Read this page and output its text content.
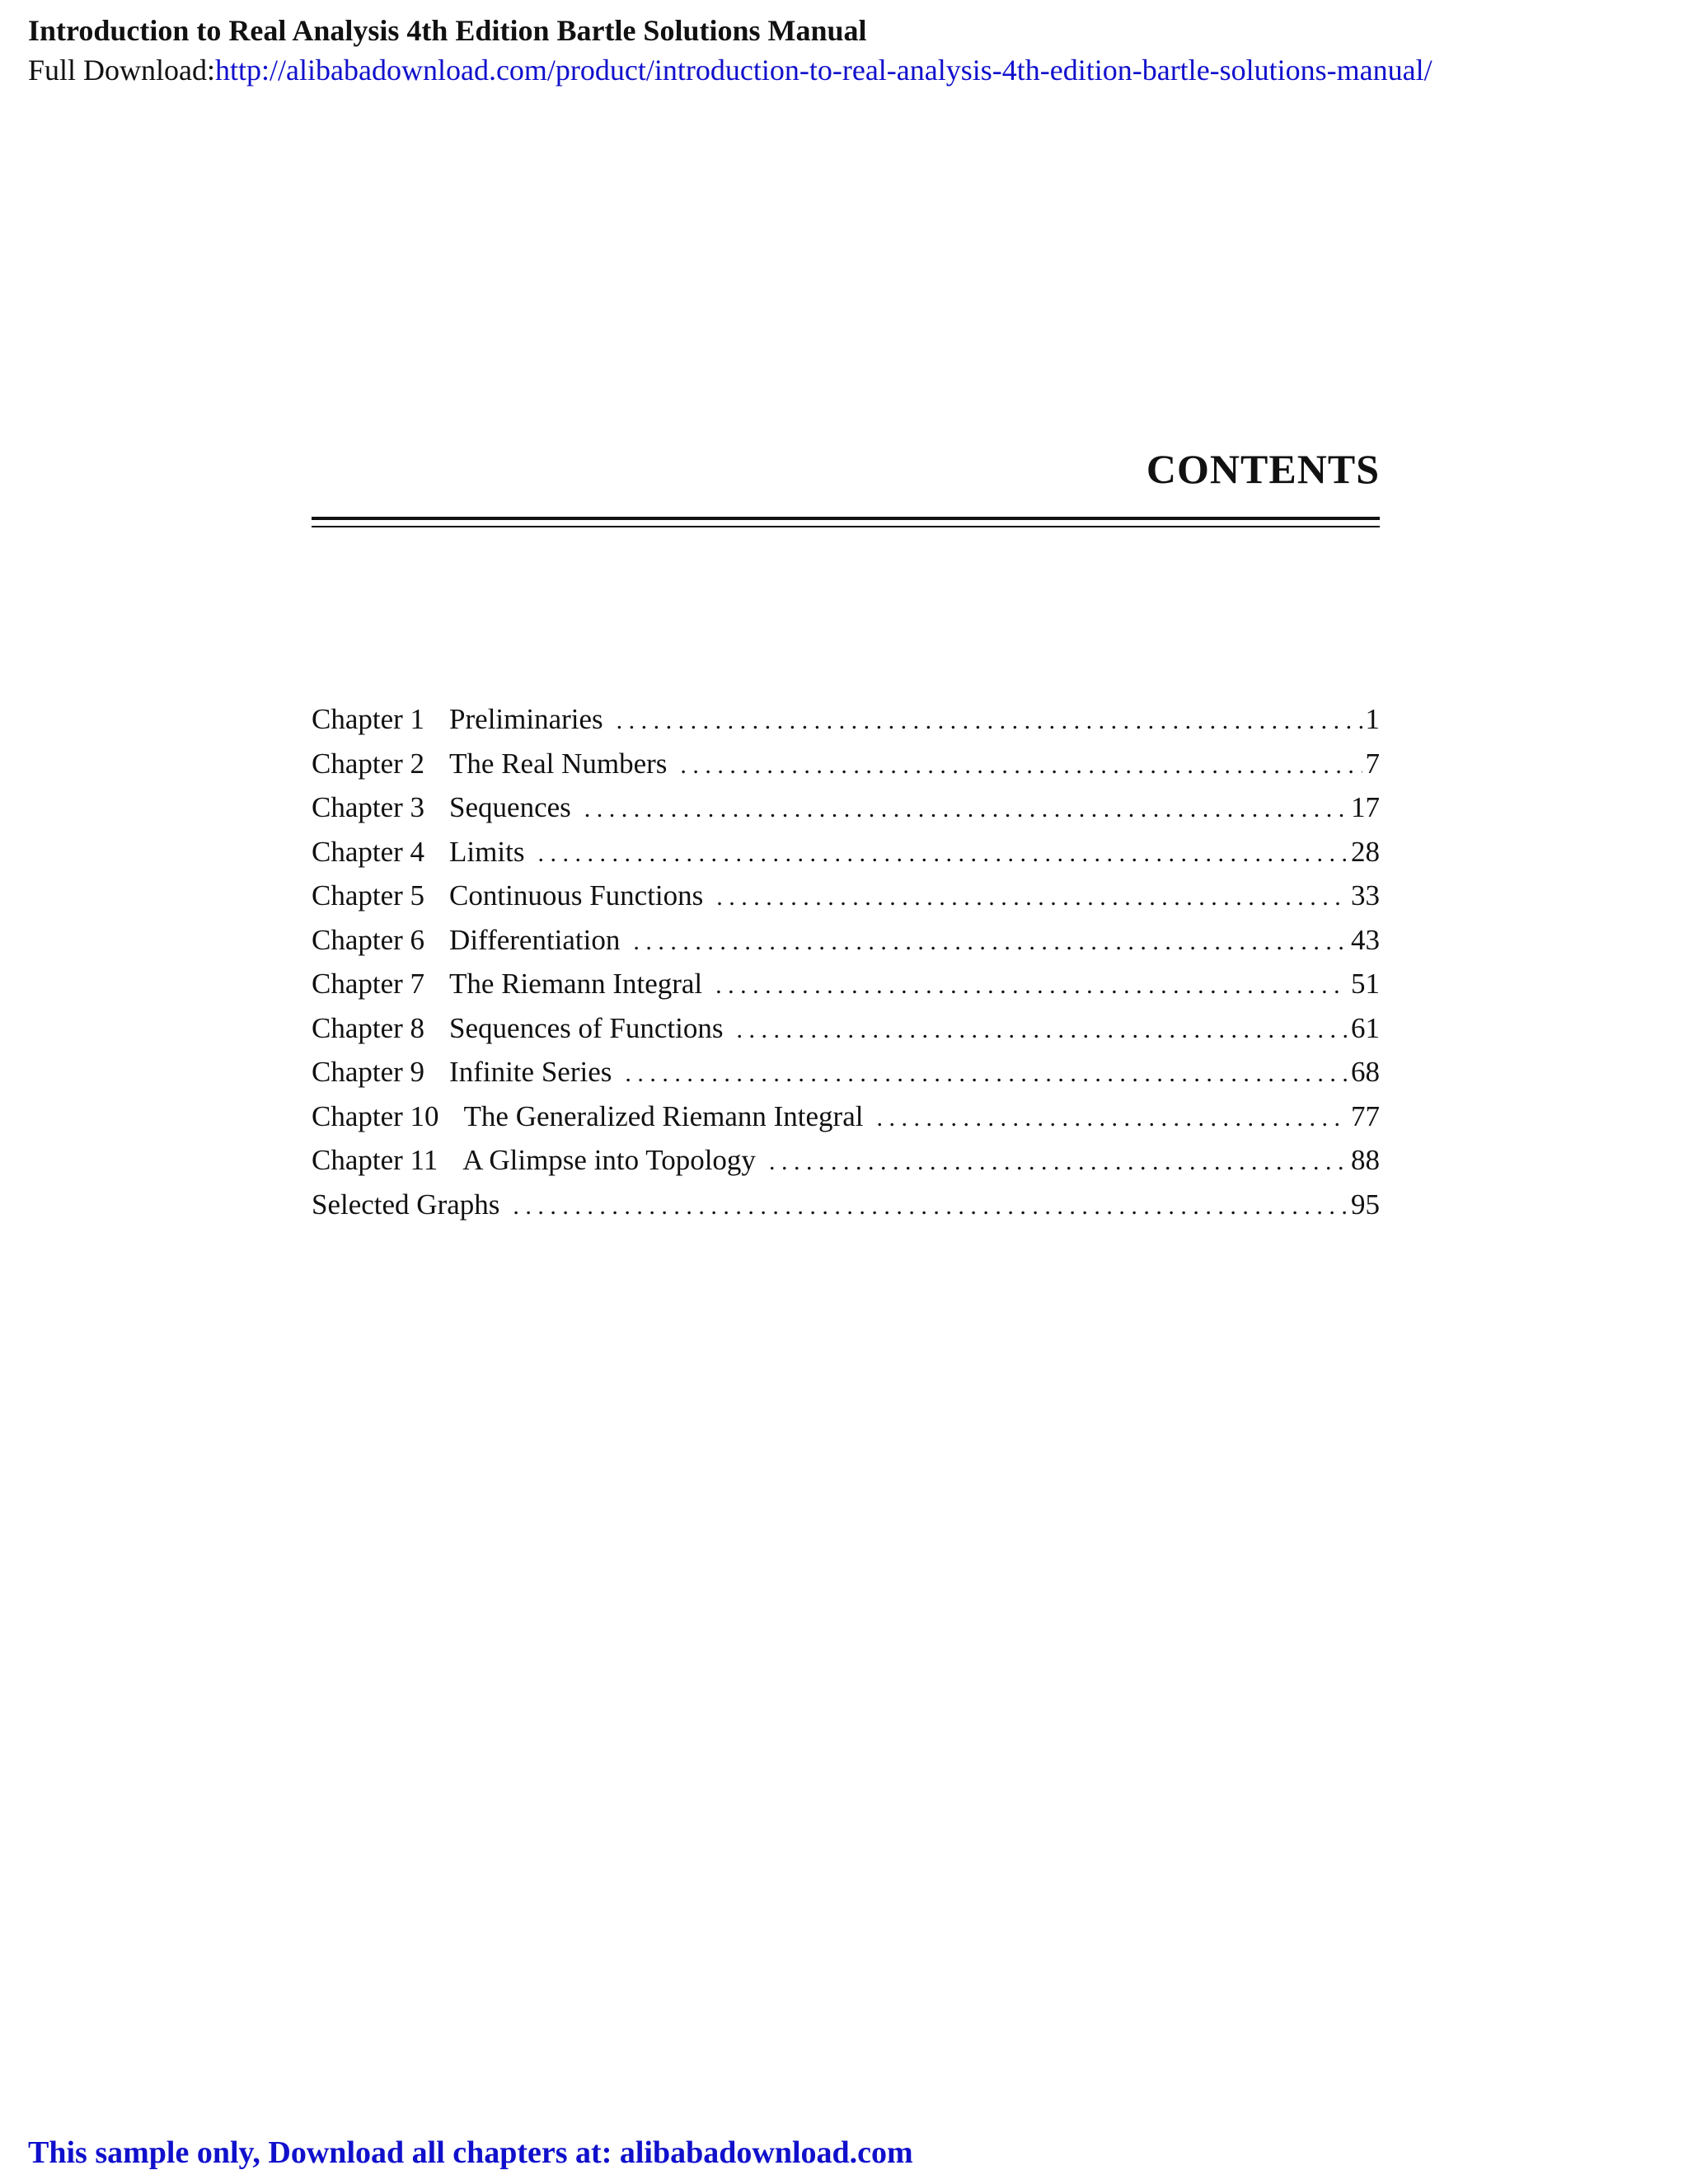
Introduction to Real Analysis 4th Edition Bartle Solutions Manual
Full Download:http://alibabadownload.com/product/introduction-to-real-analysis-4th-edition-bartle-solutions-manual/
CONTENTS
Chapter 1 Preliminaries . . .	1
Chapter 2 The Real Numbers . . .	7
Chapter 3 Sequences . . .	17
Chapter 4 Limits . . .	28
Chapter 5 Continuous Functions . . .	33
Chapter 6 Differentiation . . .	43
Chapter 7 The Riemann Integral . . .	51
Chapter 8 Sequences of Functions . . .	61
Chapter 9 Infinite Series . . .	68
Chapter 10 The Generalized Riemann Integral . . .	77
Chapter 11 A Glimpse into Topology . . .	88
Selected Graphs . . .	95
This sample only, Download all chapters at: alibabadownload.com
